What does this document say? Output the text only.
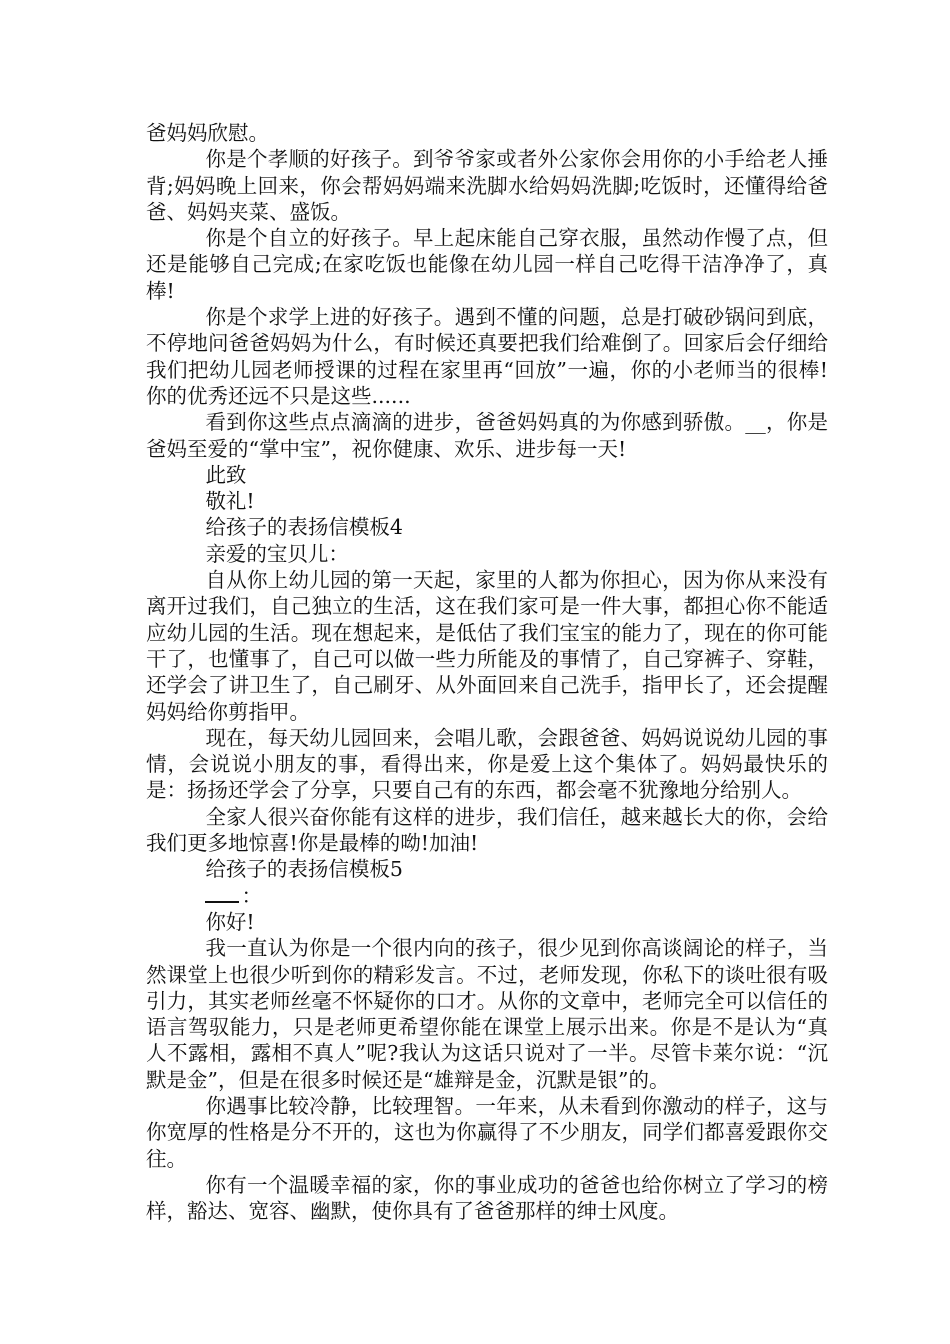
爸妈妈欣慰。

你是个孝顺的好孩子。到爷爷家或者外公家你会用你的小手给老人捶背;妈妈晚上回来，你会帮妈妈端来洗脚水给妈妈洗脚;吃饭时，还懂得给爸爸、妈妈夹菜、盛饭。

你是个自立的好孩子。早上起床能自己穿衣服，虽然动作慢了点，但还是能够自己完成;在家吃饭也能像在幼儿园一样自己吃得干洁净净了，真棒!

你是个求学上进的好孩子。遇到不懂的问题，总是打破砂锅问到底，不停地问爸爸妈妈为什么，有时候还真要把我们给难倒了。回家后会仔细给我们把幼儿园老师授课的过程在家里再“回放”一遍，你的小老师当的很棒!你的优秀还远不只是这些......

看到你这些点点滴滴的进步，爸爸妈妈真的为你感到骄傲。__，你是爸妈至爱的“掌中宝”，祝你健康、欢乐、进步每一天!

此致

敬礼!

给孩子的表扬信模板4

亲爱的宝贝儿：

自从你上幼儿园的第一天起，家里的人都为你担心，因为你从来没有离开过我们，自己独立的生活，这在我们家可是一件大事，都担心你不能适应幼儿园的生活。现在想起来，是低估了我们宝宝的能力了，现在的你可能干了，也懂事了，自己可以做一些力所能及的事情了，自己穿裤子、穿鞋，还学会了讲卫生了，自己刷牙、从外面回来自己洗手，指甲长了，还会提醒妈妈给你剪指甲。

现在，每天幼儿园回来，会唱儿歌，会跟爸爸、妈妈说说幼儿园的事情，会说说小朋友的事，看得出来，你是爱上这个集体了。妈妈最快乐的是：扬扬还学会了分享，只要自己有的东西，都会毫不犹豫地分给别人。

全家人很兴奋你能有这样的进步，我们信任，越来越长大的你，会给我们更多地惊喜!你是最棒的呦!加油!

给孩子的表扬信模板5

：

你好!

我一直认为你是一个很内向的孩子，很少见到你高谈阔论的样子，当然课堂上也很少听到你的精彩发言。不过，老师发现，你私下的谈吐很有吸引力，其实老师丝毫不怀疑你的口才。从你的文章中，老师完全可以信任的语言驾驭能力，只是老师更希望你能在课堂上展示出来。你是不是认为“真人不露相，露相不真人”呢?我认为这话只说对了一半。尽管卡莱尔说：“沉默是金”，但是在很多时候还是“雄辩是金，沉默是银”的。

你遇事比较冷静，比较理智。一年来，从未看到你激动的样子，这与你宽厚的性格是分不开的，这也为你赢得了不少朋友，同学们都喜爱跟你交往。

你有一个温暖幸福的家，你的事业成功的爸爸也给你树立了学习的榜样，豁达、宽容、幽默，使你具有了爸爸那样的绅士风度。
